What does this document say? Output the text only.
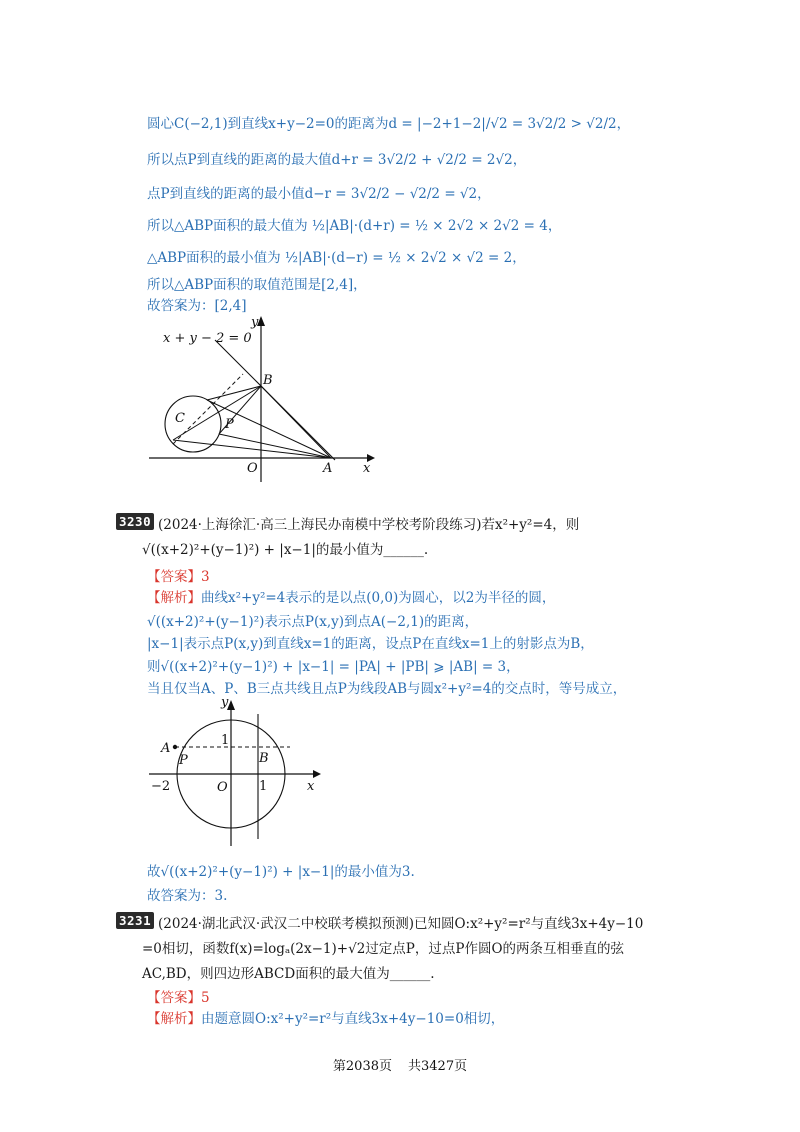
圆心C(−2,1)到直线x+y−2=0的距离为d = |−2+1−2|/√2 = 3√2/2 > √2/2，
所以点P到直线的距离的最大值d+r = 3√2/2 + √2/2 = 2√2，
点P到直线的距离的最小值d−r = 3√2/2 − √2/2 = √2，
所以△ABP面积的最大值为 ½|AB|·(d+r) = ½ × 2√2 × 2√2 = 4，
△ABP面积的最小值为 ½|AB|·(d−r) = ½ × 2√2 × √2 = 2，
所以△ABP面积的取值范围是[2,4]，
故答案为：[2,4]
x + y − 2 = 0
y
x
B
C	P
O	A
3230 (2024·上海徐汇·高三上海民办南模中学校考阶段练习)若x²+y²=4，则
√((x+2)²+(y−1)²) + |x−1|的最小值为______.
【答案】3
【解析】曲线x²+y²=4表示的是以点(0,0)为圆心，以2为半径的圆，
√((x+2)²+(y−1)²)表示点P(x,y)到点A(−2,1)的距离，
|x−1|表示点P(x,y)到直线x=1的距离，设点P在直线x=1上的射影点为B，
则√((x+2)²+(y−1)²) + |x−1| = |PA| + |PB| ⩾ |AB| = 3，
当且仅当A、P、B三点共线且点P为线段AB与圆x²+y²=4的交点时，等号成立，
A
P	B
y
x
O
1
1
−2
故√((x+2)²+(y−1)²) + |x−1|的最小值为3.
故答案为：3.
3231 (2024·湖北武汉·武汉二中校联考模拟预测)已知圆O:x²+y²=r²与直线3x+4y−10
=0相切，函数f(x)=logₐ(2x−1)+√2过定点P，过点P作圆O的两条互相垂直的弦
AC,BD，则四边形ABCD面积的最大值为______.
【答案】5
【解析】由题意圆O:x²+y²=r²与直线3x+4y−10=0相切，
第2038页 共3427页
